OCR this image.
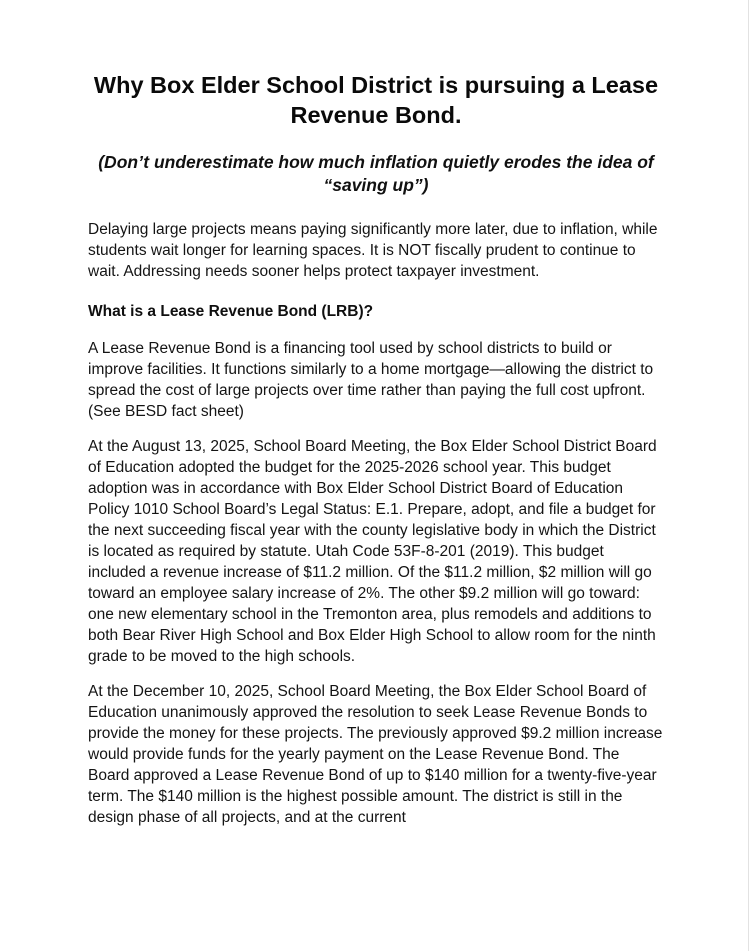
Why Box Elder School District is pursuing a Lease Revenue Bond.

(Don’t underestimate how much inflation quietly erodes the idea of “saving up”)

Delaying large projects means paying significantly more later, due to inflation, while students wait longer for learning spaces. It is NOT fiscally prudent to continue to wait. Addressing needs sooner helps protect taxpayer investment.

What is a Lease Revenue Bond (LRB)?

A Lease Revenue Bond is a financing tool used by school districts to build or improve facilities. It functions similarly to a home mortgage—allowing the district to spread the cost of large projects over time rather than paying the full cost upfront. (See BESD fact sheet)

At the August 13, 2025, School Board Meeting, the Box Elder School District Board of Education adopted the budget for the 2025-2026 school year. This budget adoption was in accordance with Box Elder School District Board of Education Policy 1010 School Board’s Legal Status: E.1. Prepare, adopt, and file a budget for the next succeeding fiscal year with the county legislative body in which the District is located as required by statute. Utah Code 53F-8-201 (2019). This budget included a revenue increase of $11.2 million. Of the $11.2 million, $2 million will go toward an employee salary increase of 2%. The other $9.2 million will go toward: one new elementary school in the Tremonton area, plus remodels and additions to both Bear River High School and Box Elder High School to allow room for the ninth grade to be moved to the high schools.

At the December 10, 2025, School Board Meeting, the Box Elder School Board of Education unanimously approved the resolution to seek Lease Revenue Bonds to provide the money for these projects. The previously approved $9.2 million increase would provide funds for the yearly payment on the Lease Revenue Bond. The Board approved a Lease Revenue Bond of up to $140 million for a twenty-five-year term. The $140 million is the highest possible amount. The district is still in the design phase of all projects, and at the current
